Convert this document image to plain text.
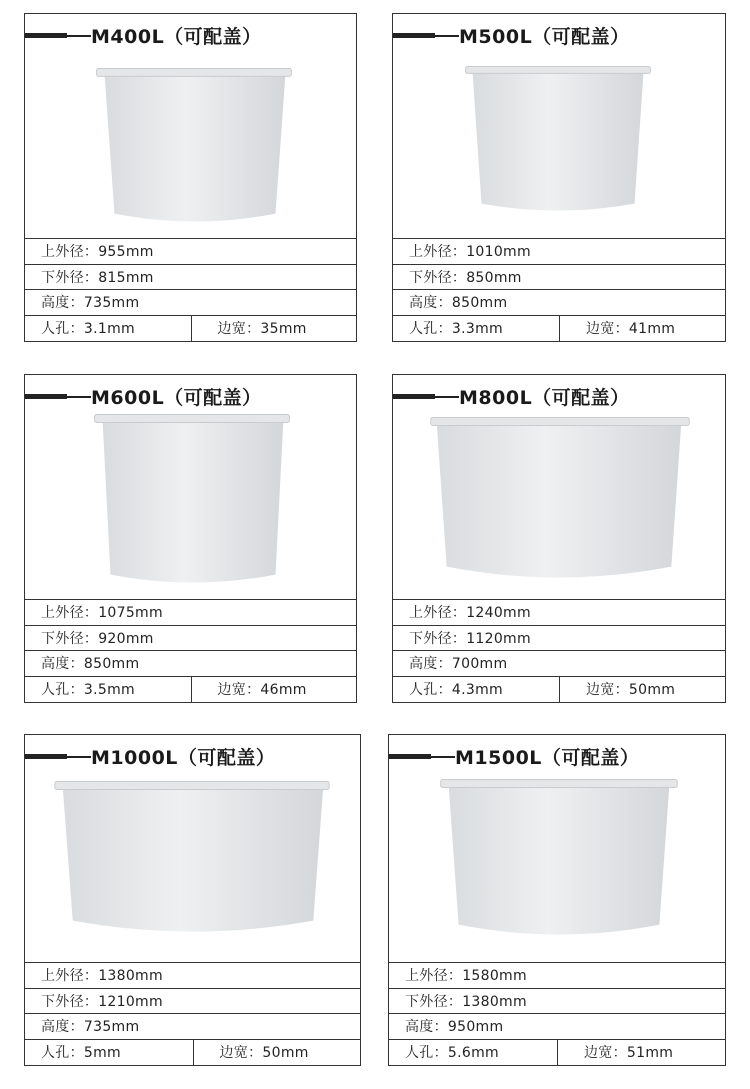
M400L（可配盖）
上外径：955mm
下外径：815mm
高度：735mm
人孔：3.1mm	边宽：35mm
M500L（可配盖）
上外径：1010mm
下外径：850mm
高度：850mm
人孔：3.3mm	边宽：41mm
M600L（可配盖）
上外径：1075mm
下外径：920mm
高度：850mm
人孔：3.5mm	边宽：46mm
M800L（可配盖）
上外径：1240mm
下外径：1120mm
高度：700mm
人孔：4.3mm	边宽：50mm
M1000L（可配盖）
上外径：1380mm
下外径：1210mm
高度：735mm
人孔：5mm	边宽：50mm
M1500L（可配盖）
上外径：1580mm
下外径：1380mm
高度：950mm
人孔：5.6mm	边宽：51mm
